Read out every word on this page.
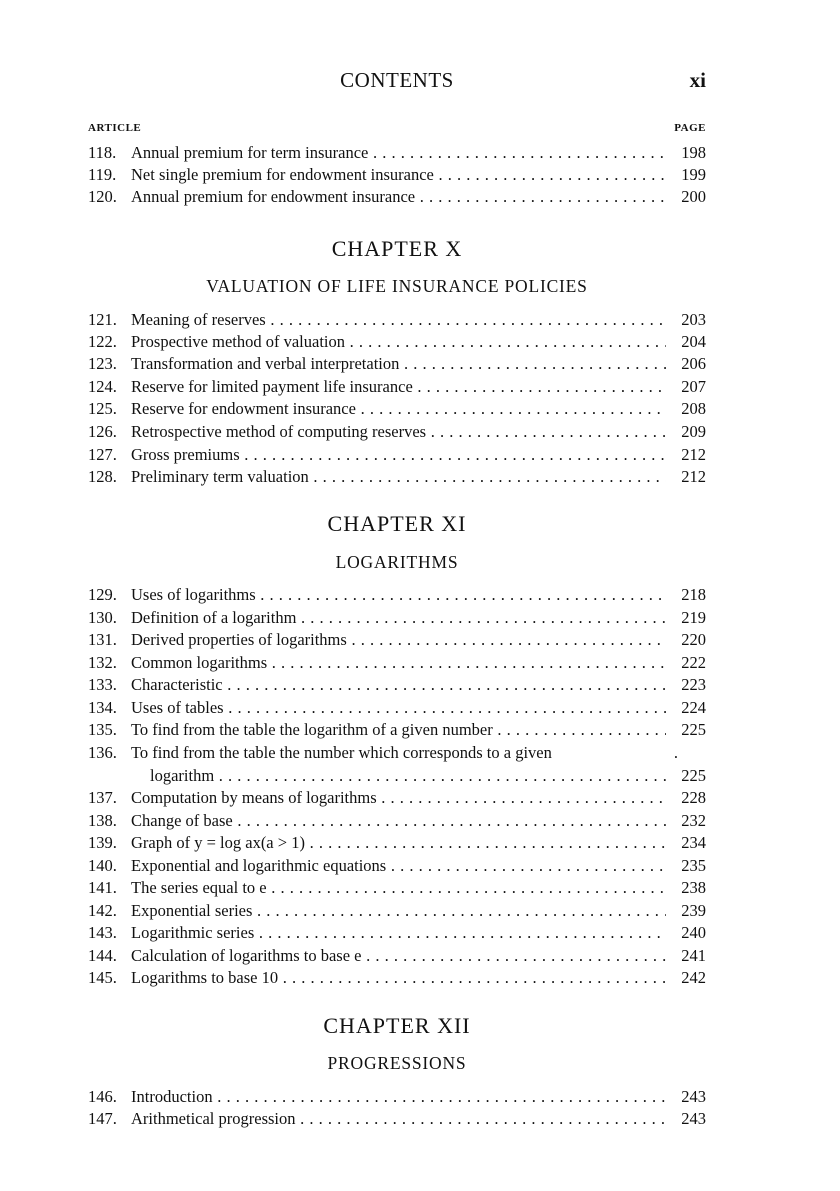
CONTENTS	xi
ARTICLE	PAGE
118. Annual premium for term insurance . . .	198
119. Net single premium for endowment insurance . . .	199
120. Annual premium for endowment insurance . . .	200
CHAPTER X
VALUATION OF LIFE INSURANCE POLICIES
121. Meaning of reserves . . .	203
122. Prospective method of valuation . . .	204
123. Transformation and verbal interpretation . . .	206
124. Reserve for limited payment life insurance . . .	207
125. Reserve for endowment insurance . . .	208
126. Retrospective method of computing reserves . . .	209
127. Gross premiums . . .	212
128. Preliminary term valuation . . .	212
CHAPTER XI
LOGARITHMS
129. Uses of logarithms . . .	218
130. Definition of a logarithm . . .	219
131. Derived properties of logarithms . . .	220
132. Common logarithms . . .	222
133. Characteristic . . .	223
134. Uses of tables . . .	224
135. To find from the table the logarithm of a given number . . .	225
136. To find from the table the number which corresponds to a given	.
logarithm . . .	225
137. Computation by means of logarithms . . .	228
138. Change of base . . .	232
139. Graph of y = log ax(a > 1) . . .	234
140. Exponential and logarithmic equations . . .	235
141. The series equal to e . . .	238
142. Exponential series . . .	239
143. Logarithmic series . . .	240
144. Calculation of logarithms to base e . . .	241
145. Logarithms to base 10 . . .	242
CHAPTER XII
PROGRESSIONS
146. Introduction . . .	243
147. Arithmetical progression . . .	243
